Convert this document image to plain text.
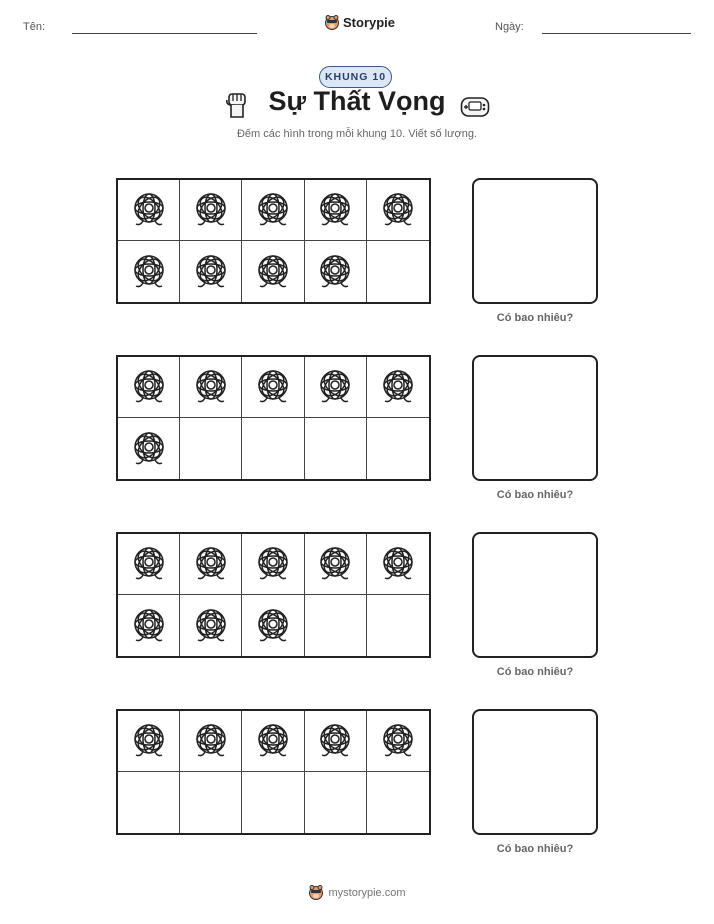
Tên:	Storypie	Ngày:
KHUNG 10
Sự Thất Vọng
Đếm các hình trong mỗi khung 10. Viết số lượng.
Có bao nhiêu?
Có bao nhiêu?
Có bao nhiêu?
Có bao nhiêu?
mystorypie.com
